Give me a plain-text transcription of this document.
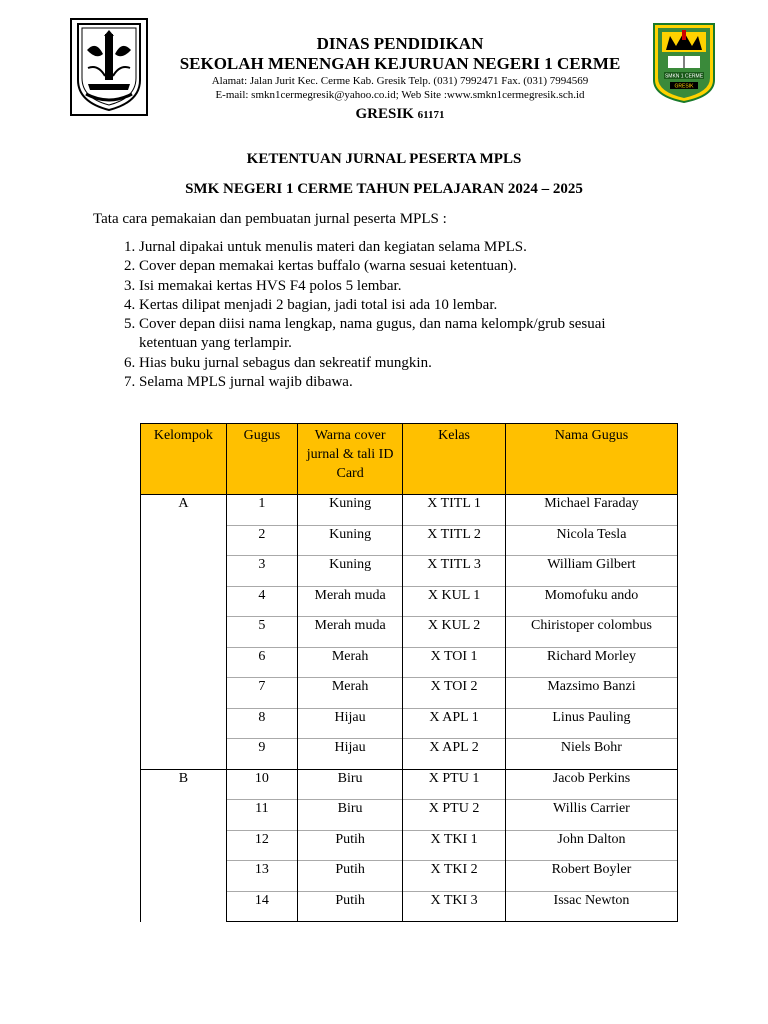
DINAS PENDIDIKAN
SEKOLAH MENENGAH KEJURUAN NEGERI 1 CERME
Alamat: Jalan Jurit Kec. Cerme Kab. Gresik Telp. (031) 7992471 Fax. (031) 7994569
E-mail: smkn1cermegresik@yahoo.co.id; Web Site :www.smkn1cermegresik.sch.id
GRESIK 61171
SMKN 1 CERME
GRESIK
KETENTUAN JURNAL PESERTA MPLS
SMK NEGERI 1 CERME TAHUN PELAJARAN 2024 – 2025
Tata cara pemakaian dan pembuatan jurnal peserta MPLS :
1. Jurnal dipakai untuk menulis materi dan kegiatan selama MPLS.
2. Cover depan memakai kertas buffalo (warna sesuai ketentuan).
3. Isi memakai kertas HVS F4 polos 5 lembar.
4. Kertas dilipat menjadi 2 bagian, jadi total isi ada 10 lembar.
5. Cover depan diisi nama lengkap, nama gugus, dan nama kelompk/grub sesuai ketentuan yang terlampir.
6. Hias buku jurnal sebagus dan sekreatif mungkin.
7. Selama MPLS jurnal wajib dibawa.
Kelompok	Gugus	Warna cover jurnal & tali ID Card	Kelas	Nama Gugus
A	1	Kuning	X TITL 1	Michael Faraday
	2	Kuning	X TITL 2	Nicola Tesla
	3	Kuning	X TITL 3	William Gilbert
	4	Merah muda	X KUL 1	Momofuku ando
	5	Merah muda	X KUL 2	Chiristoper colombus
	6	Merah	X TOI 1	Richard Morley
	7	Merah	X TOI 2	Mazsimo Banzi
	8	Hijau	X APL 1	Linus Pauling
	9	Hijau	X APL 2	Niels Bohr
B	10	Biru	X PTU 1	Jacob Perkins
	11	Biru	X PTU 2	Willis Carrier
	12	Putih	X TKI 1	John Dalton
	13	Putih	X TKI 2	Robert Boyler
	14	Putih	X TKI 3	Issac Newton
